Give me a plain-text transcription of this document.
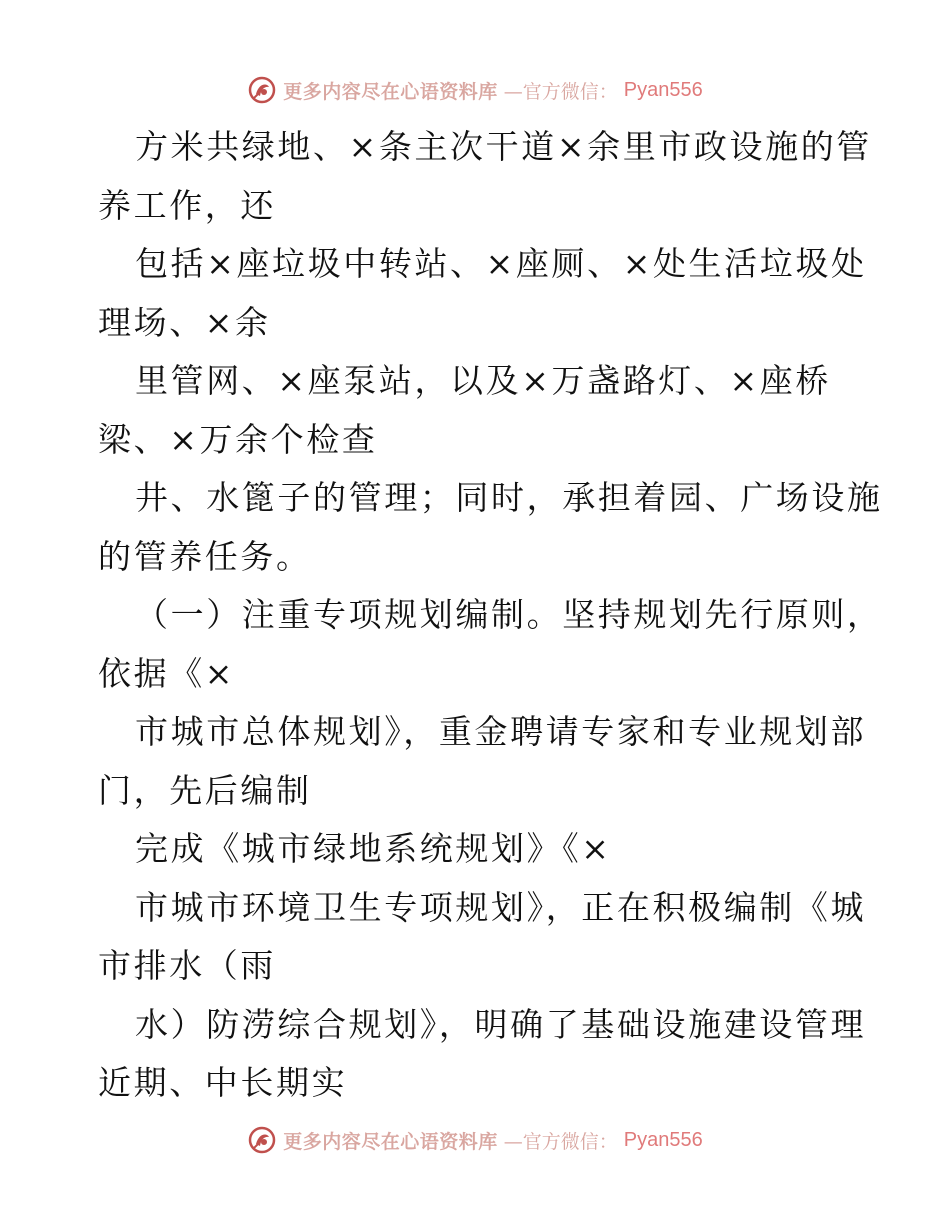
更多内容尽在心语资料库 —官方微信： Pyan556
方米共绿地、×条主次干道×余里市政设施的管
养工作，还
包括×座垃圾中转站、×座厕、×处生活垃圾处
理场、×余
里管网、×座泵站，以及×万盏路灯、×座桥
梁、×万余个检查
井、水篦子的管理；同时，承担着园、广场设施
的管养任务。
（一）注重专项规划编制。坚持规划先行原则，
依据《×
市城市总体规划》，重金聘请专家和专业规划部
门，先后编制
完成《城市绿地系统规划》《×
市城市环境卫生专项规划》，正在积极编制《城
市排水（雨
水）防涝综合规划》，明确了基础设施建设管理
近期、中长期实
更多内容尽在心语资料库 —官方微信： Pyan556
